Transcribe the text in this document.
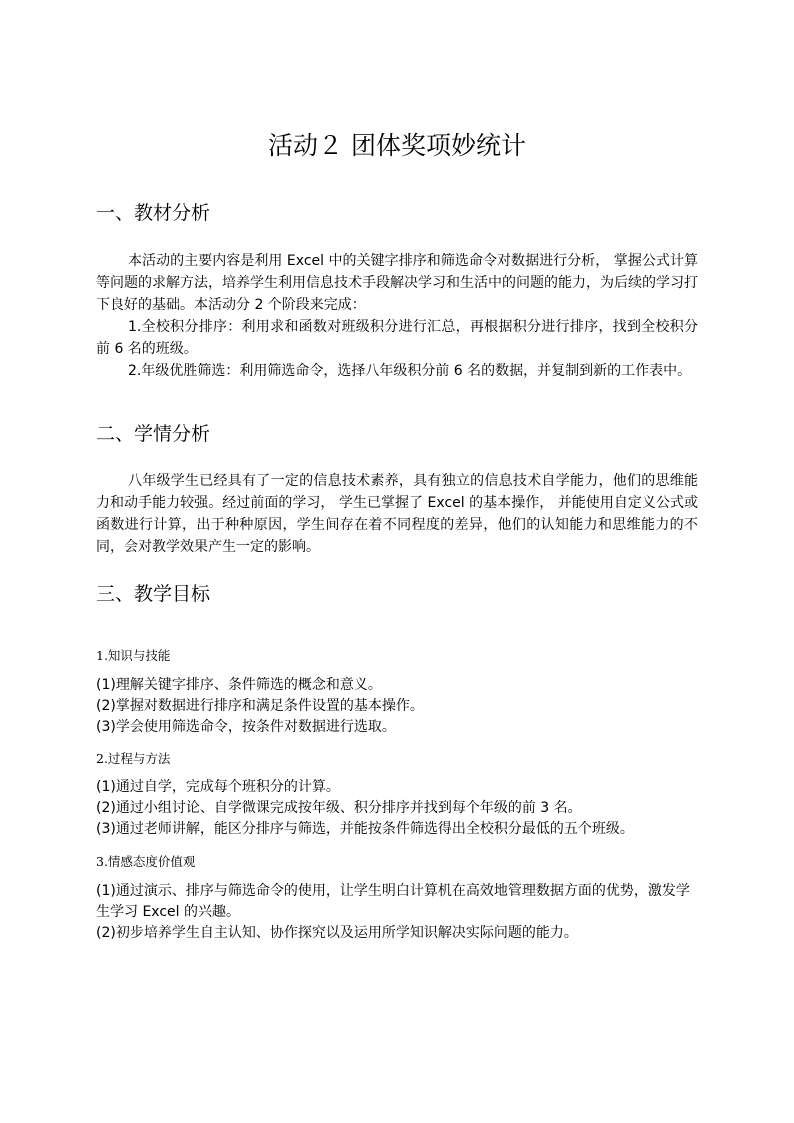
活动２ 团体奖项妙统计
一、教材分析

本活动的主要内容是利用 Excel 中的关键字排序和筛选命令对数据进行分析， 掌握公式计算等问题的求解方法，培养学生利用信息技术手段解决学习和生活中的问题的能力，为后续的学习打下良好的基础。本活动分 2 个阶段来完成：

1.全校积分排序：利用求和函数对班级积分进行汇总，再根据积分进行排序，找到全校积分前 6 名的班级。

2.年级优胜筛选：利用筛选命令，选择八年级积分前 6 名的数据，并复制到新的工作表中。

二、学情分析

八年级学生已经具有了一定的信息技术素养，具有独立的信息技术自学能力，他们的思维能力和动手能力较强。经过前面的学习， 学生已掌握了 Excel 的基本操作， 并能使用自定义公式或函数进行计算，出于种种原因，学生间存在着不同程度的差异，他们的认知能力和思维能力的不同，会对教学效果产生一定的影响。

三、教学目标
1.知识与技能
(1)理解关键字排序、条件筛选的概念和意义。
(2)掌握对数据进行排序和满足条件设置的基本操作。
(3)学会使用筛选命令，按条件对数据进行选取。
2.过程与方法
(1)通过自学，完成每个班积分的计算。
(2)通过小组讨论、自学微课完成按年级、积分排序并找到每个年级的前 3 名。
(3)通过老师讲解，能区分排序与筛选，并能按条件筛选得出全校积分最低的五个班级。
3.情感态度价值观
(1)通过演示、排序与筛选命令的使用，让学生明白计算机在高效地管理数据方面的优势，激发学生学习 Excel 的兴趣。
(2)初步培养学生自主认知、协作探究以及运用所学知识解决实际问题的能力。
